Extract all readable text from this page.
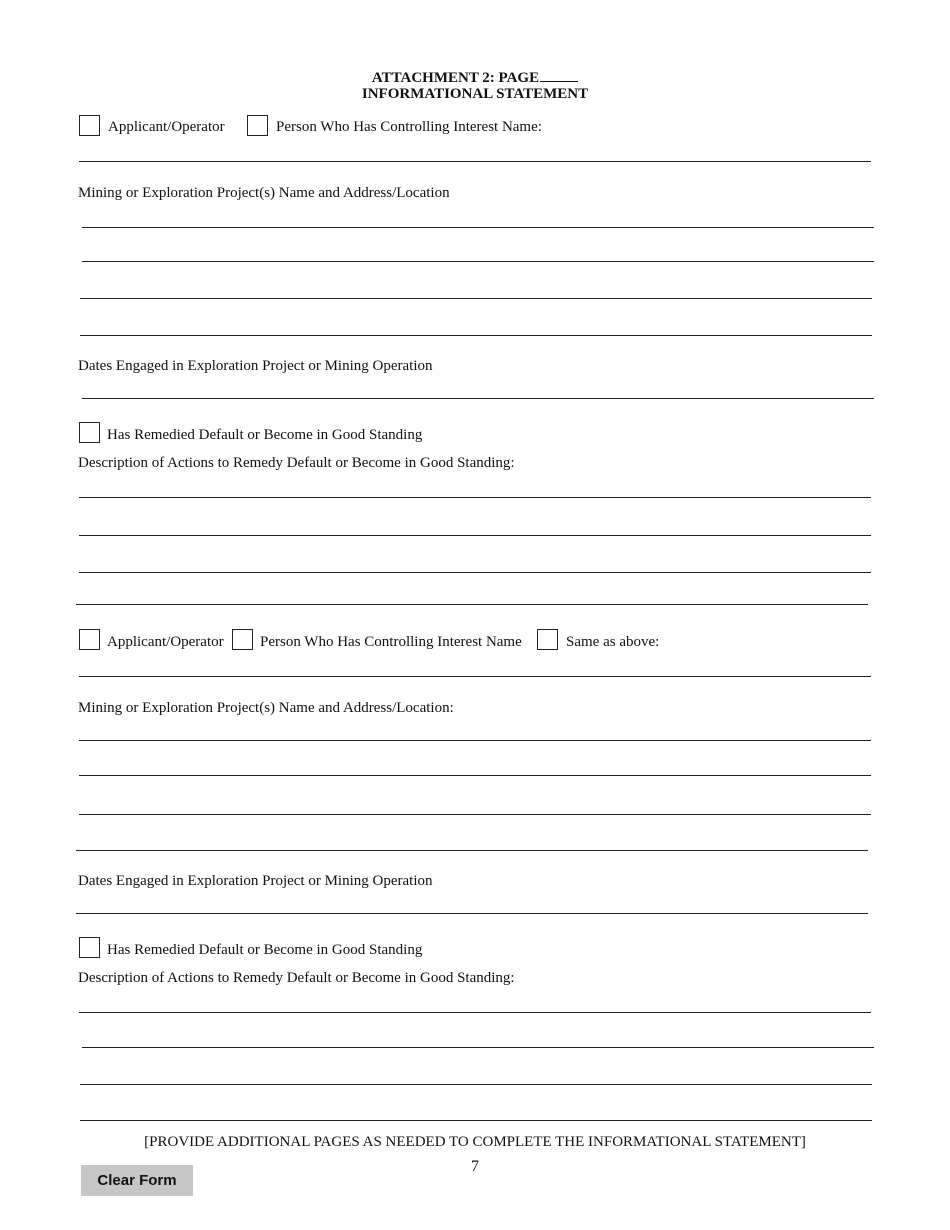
ATTACHMENT 2: PAGE
INFORMATIONAL STATEMENT
Applicant/Operator	Person Who Has Controlling Interest Name:
Mining or Exploration Project(s) Name and Address/Location
Dates Engaged in Exploration Project or Mining Operation
Has Remedied Default or Become in Good Standing
Description of Actions to Remedy Default or Become in Good Standing:
Applicant/Operator Person Who Has Controlling Interest Name	Same as above:
Mining or Exploration Project(s) Name and Address/Location:
Dates Engaged in Exploration Project or Mining Operation
Has Remedied Default or Become in Good Standing
Description of Actions to Remedy Default or Become in Good Standing:
[PROVIDE ADDITIONAL PAGES AS NEEDED TO COMPLETE THE INFORMATIONAL STATEMENT]
7
Clear Form
